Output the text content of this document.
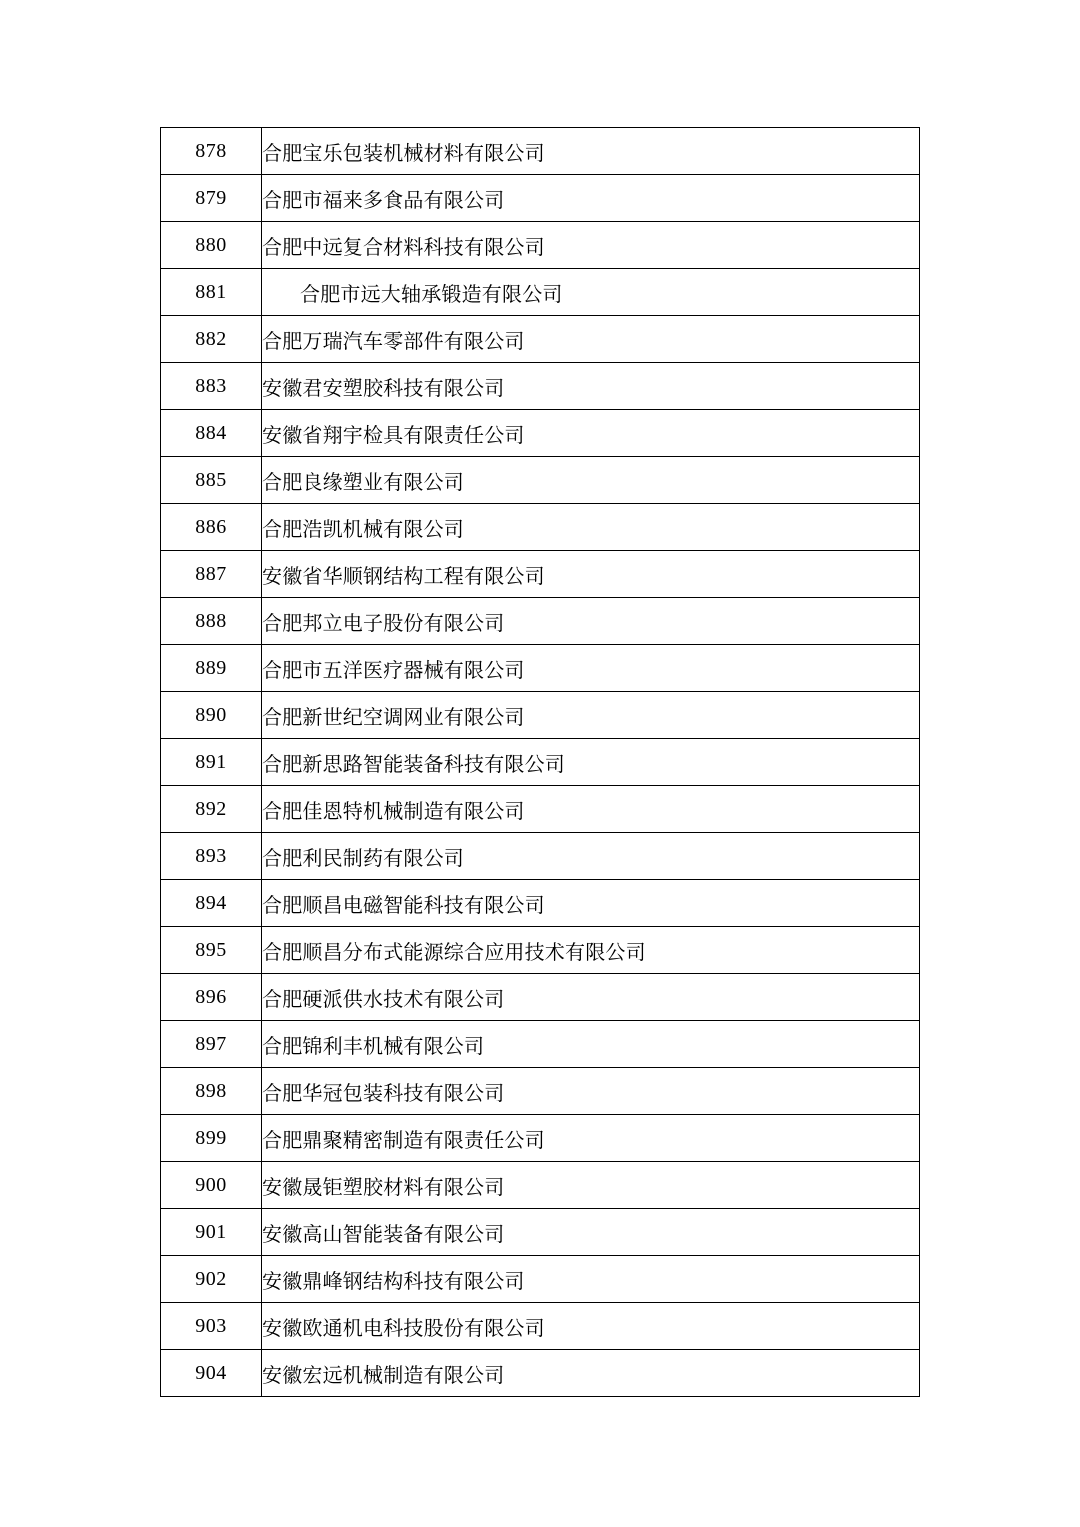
878	合肥宝乐包装机械材料有限公司
879	合肥市福来多食品有限公司
880	合肥中远复合材料科技有限公司
881	合肥市远大轴承锻造有限公司
882	合肥万瑞汽车零部件有限公司
883	安徽君安塑胶科技有限公司
884	安徽省翔宇检具有限责任公司
885	合肥良缘塑业有限公司
886	合肥浩凯机械有限公司
887	安徽省华顺钢结构工程有限公司
888	合肥邦立电子股份有限公司
889	合肥市五洋医疗器械有限公司
890	合肥新世纪空调网业有限公司
891	合肥新思路智能装备科技有限公司
892	合肥佳恩特机械制造有限公司
893	合肥利民制药有限公司
894	合肥顺昌电磁智能科技有限公司
895	合肥顺昌分布式能源综合应用技术有限公司
896	合肥硬派供水技术有限公司
897	合肥锦利丰机械有限公司
898	合肥华冠包装科技有限公司
899	合肥鼎聚精密制造有限责任公司
900	安徽晟钜塑胶材料有限公司
901	安徽高山智能装备有限公司
902	安徽鼎峰钢结构科技有限公司
903	安徽欧通机电科技股份有限公司
904	安徽宏远机械制造有限公司
